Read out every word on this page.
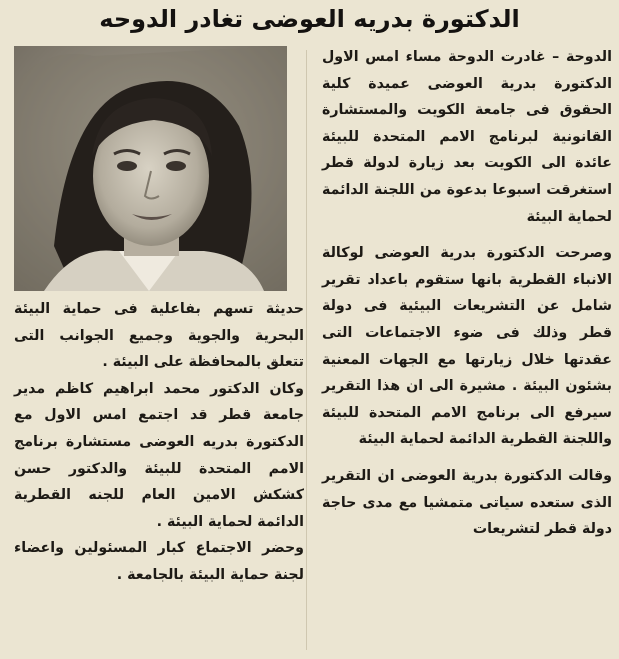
الدكتورة بدريه العوضى تغادر الدوحه

الدوحة – غادرت الدوحة مساء امس الاول الدكتورة بدرية العوضى عميدة كلية الحقوق فى جامعة الكويت والمستشارة القانونية لبرنامج الامم المتحدة للبيئة عائدة الى الكويت بعد زيارة لدولة قطر استغرقت اسبوعا بدعوة من اللجنة الدائمة لحماية البيئة

وصرحت الدكتورة بدرية العوضى لوكالة الانباء القطرية بانها ستقوم باعداد تقرير شامل عن التشريعات البيئية فى دولة قطر وذلك فى ضوء الاجتماعات التى عقدتها خلال زيارتها مع الجهات المعنية بشئون البيئة . مشيرة الى ان هذا التقرير سيرفع الى برنامج الامم المتحدة للبيئة واللجنة القطرية الدائمة لحماية البيئة

وقالت الدكتورة بدرية العوضى ان التقرير الذى ستعده سياتى متمشيا مع مدى حاجة دولة قطر لتشريعات

حديثة تسهم بفاعلية فى حماية البيئة البحرية والجوية وجميع الجوانب التى تتعلق بالمحافظة على البيئة .

وكان الدكتور محمد ابراهيم كاظم مدير جامعة قطر قد اجتمع امس الاول مع الدكتورة بدريه العوضى مستشارة برنامج الامم المتحدة للبيئة والدكتور حسن كشكش الامين العام للجنه القطرية الدائمة لحماية البيئة .

وحضر الاجتماع كبار المسئولين واعضاء لجنة حماية البيئة بالجامعة .
